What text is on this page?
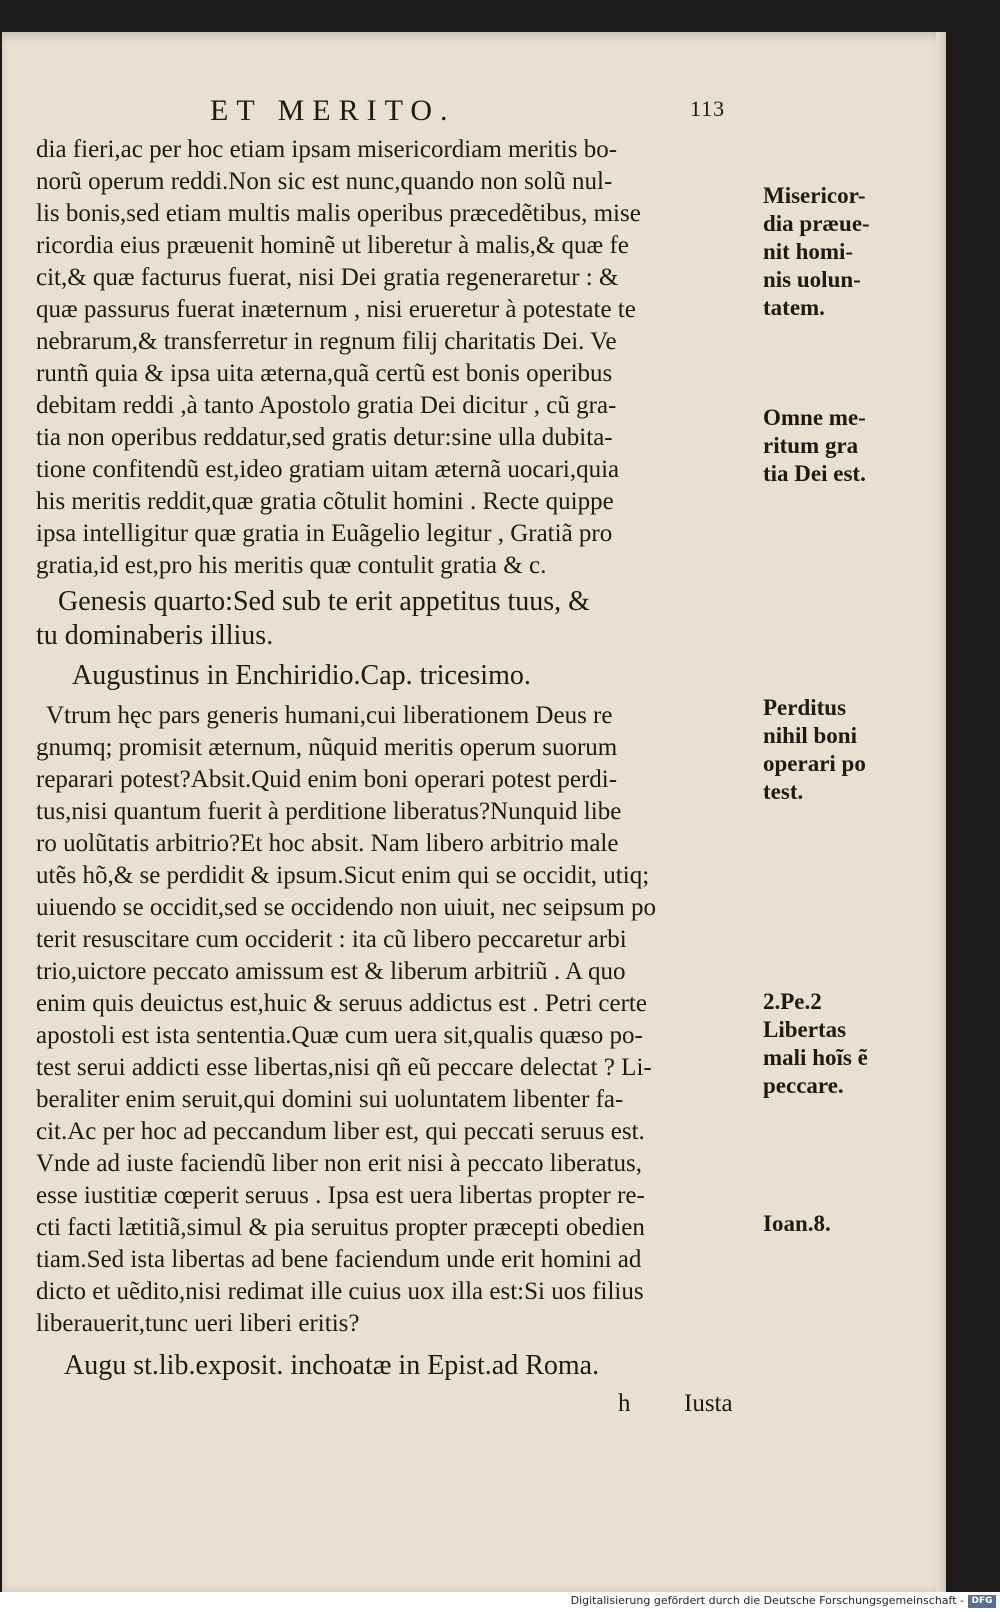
ET MERITO.	113
dia fieri,ac per hoc etiam ipsam misericordiam meritis bo-
norũ operum reddi.Non sic est nunc,quando non solũ nul-
lis bonis,sed etiam multis malis operibus præcedẽtibus, mise
ricordia eius præuenit hominẽ ut liberetur à malis,& quæ fe
cit,& quæ facturus fuerat, nisi Dei gratia regeneraretur : &
quæ passurus fuerat inæternum , nisi erueretur à potestate te
nebrarum,& transferretur in regnum filij charitatis Dei. Ve
runtñ quia & ipsa uita æterna,quã certũ est bonis operibus
debitam reddi ,à tanto Apostolo gratia Dei dicitur , cũ gra-
tia non operibus reddatur,sed gratis detur:sine ulla dubita-
tione confitendũ est,ideo gratiam uitam æternã uocari,quia
his meritis reddit,quæ gratia cõtulit homini . Recte quippe
ipsa intelligitur quæ gratia in Euãgelio legitur , Gratiã pro
gratia,id est,pro his meritis quæ contulit gratia & c.
Genesis quarto:Sed sub te erit appetitus tuus, &
tu dominaberis illius.
Augustinus in Enchiridio.Cap. tricesimo.
Vtrum hęc pars generis humani,cui liberationem Deus re
gnumq; promisit æternum, nũquid meritis operum suorum
reparari potest?Absit.Quid enim boni operari potest perdi-
tus,nisi quantum fuerit à perditione liberatus?Nunquid libe
ro uolũtatis arbitrio?Et hoc absit. Nam libero arbitrio male
utẽs hõ,& se perdidit & ipsum.Sicut enim qui se occidit, utiq;
uiuendo se occidit,sed se occidendo non uiuit, nec seipsum po
terit resuscitare cum occiderit : ita cũ libero peccaretur arbi
trio,uictore peccato amissum est & liberum arbitriũ . A quo
enim quis deuictus est,huic & seruus addictus est . Petri certe
apostoli est ista sententia.Quæ cum uera sit,qualis quæso po-
test serui addicti esse libertas,nisi qñ eũ peccare delectat ? Li-
beraliter enim seruit,qui domini sui uoluntatem libenter fa-
cit.Ac per hoc ad peccandum liber est, qui peccati seruus est.
Vnde ad iuste faciendũ liber non erit nisi à peccato liberatus,
esse iustitiæ cœperit seruus . Ipsa est uera libertas propter re-
cti facti lætitiã,simul & pia seruitus propter præcepti obedien
tiam.Sed ista libertas ad bene faciendum unde erit homini ad
dicto et uẽdito,nisi redimat ille cuius uox illa est:Si uos filius
liberauerit,tunc ueri liberi eritis?
Augu st.lib.exposit. inchoatæ in Epist.ad Roma.
h Iusta
Misericor-
dia præue-
nit homi-
nis uolun-
tatem.
Omne me-
ritum gra
tia Dei est.
Perditus
nihil boni
operari po
test.
2.Pe.2
Libertas
mali hoĩs ẽ
peccare.
Ioan.8.
Digitalisierung gefördert durch die Deutsche Forschungsgemeinschaft - DFG
